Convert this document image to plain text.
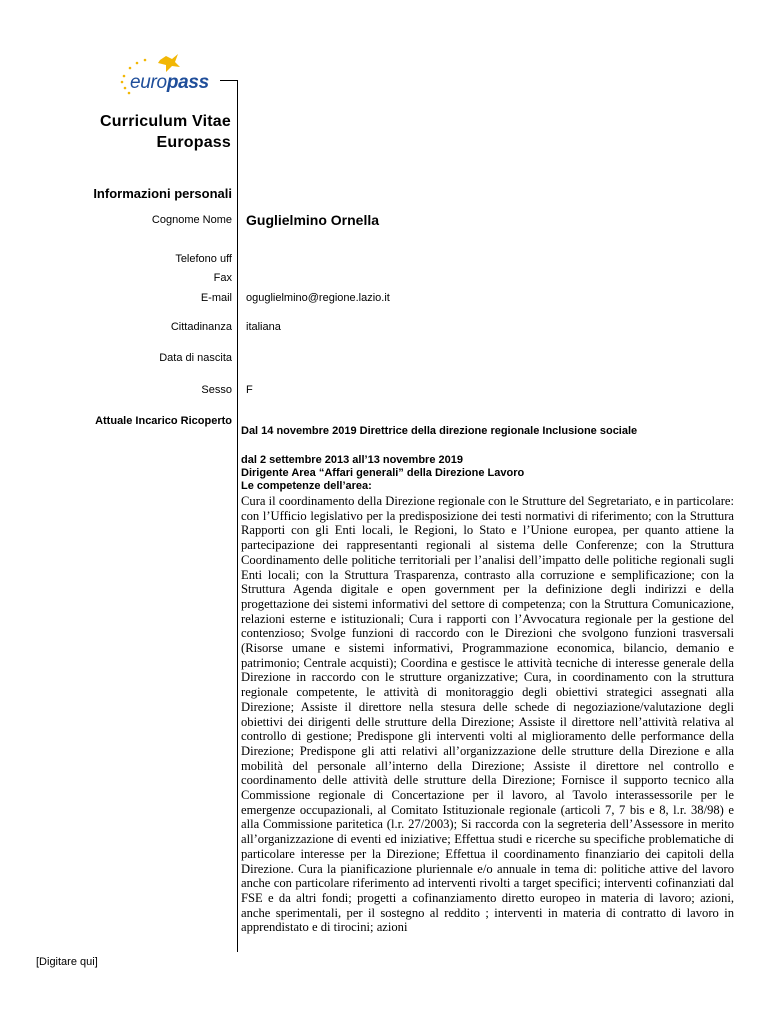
europass
Curriculum Vitae
Europass
Informazioni personali
Cognome Nome Guglielmino Ornella
Telefono uff
Fax
E-mail oguglielmino@regione.lazio.it
Cittadinanza italiana
Data di nascita
Sesso F
Attuale Incarico Ricoperto
Dal 14 novembre 2019 Direttrice della direzione regionale Inclusione sociale
dal 2 settembre 2013 all’13 novembre 2019
Dirigente Area “Affari generali” della Direzione Lavoro
Le competenze dell’area:
Cura il coordinamento della Direzione regionale con le Strutture del Segretariato, e in particolare: con l’Ufficio legislativo per la predisposizione dei testi normativi di riferimento; con la Struttura Rapporti con gli Enti locali, le Regioni, lo Stato e l’Unione europea, per quanto attiene la partecipazione dei rappresentanti regionali al sistema delle Conferenze; con la Struttura Coordinamento delle politiche territoriali per l’analisi dell’impatto delle politiche regionali sugli Enti locali; con la Struttura Trasparenza, contrasto alla corruzione e semplificazione; con la Struttura Agenda digitale e open government per la definizione degli indirizzi e della progettazione dei sistemi informativi del settore di competenza; con la Struttura Comunicazione, relazioni esterne e istituzionali; Cura i rapporti con l’Avvocatura regionale per la gestione del contenzioso; Svolge funzioni di raccordo con le Direzioni che svolgono funzioni trasversali (Risorse umane e sistemi informativi, Programmazione economica, bilancio, demanio e patrimonio; Centrale acquisti); Coordina e gestisce le attività tecniche di interesse generale della Direzione in raccordo con le strutture organizzative; Cura, in coordinamento con la struttura regionale competente, le attività di monitoraggio degli obiettivi strategici assegnati alla Direzione; Assiste il direttore nella stesura delle schede di negoziazione/valutazione degli obiettivi dei dirigenti delle strutture della Direzione; Assiste il direttore nell’attività relativa al controllo di gestione; Predispone gli interventi volti al miglioramento delle performance della Direzione; Predispone gli atti relativi all’organizzazione delle strutture della Direzione e alla mobilità del personale all’interno della Direzione; Assiste il direttore nel controllo e coordinamento delle attività delle strutture della Direzione; Fornisce il supporto tecnico alla Commissione regionale di Concertazione per il lavoro, al Tavolo interassessorile per le emergenze occupazionali, al Comitato Istituzionale regionale (articoli 7, 7 bis e 8, l.r. 38/98) e alla Commissione paritetica (l.r. 27/2003); Si raccorda con la segreteria dell’Assessore in merito all’organizzazione di eventi ed iniziative; Effettua studi e ricerche su specifiche problematiche di particolare interesse per la Direzione; Effettua il coordinamento finanziario dei capitoli della Direzione. Cura la pianificazione pluriennale e/o annuale in tema di: politiche attive del lavoro anche con particolare riferimento ad interventi rivolti a target specifici; interventi cofinanziati dal FSE e da altri fondi; progetti a cofinanziamento diretto europeo in materia di lavoro; azioni, anche sperimentali, per il sostegno al reddito ; interventi in materia di contratto di lavoro in apprendistato e di tirocini; azioni
[Digitare qui]
